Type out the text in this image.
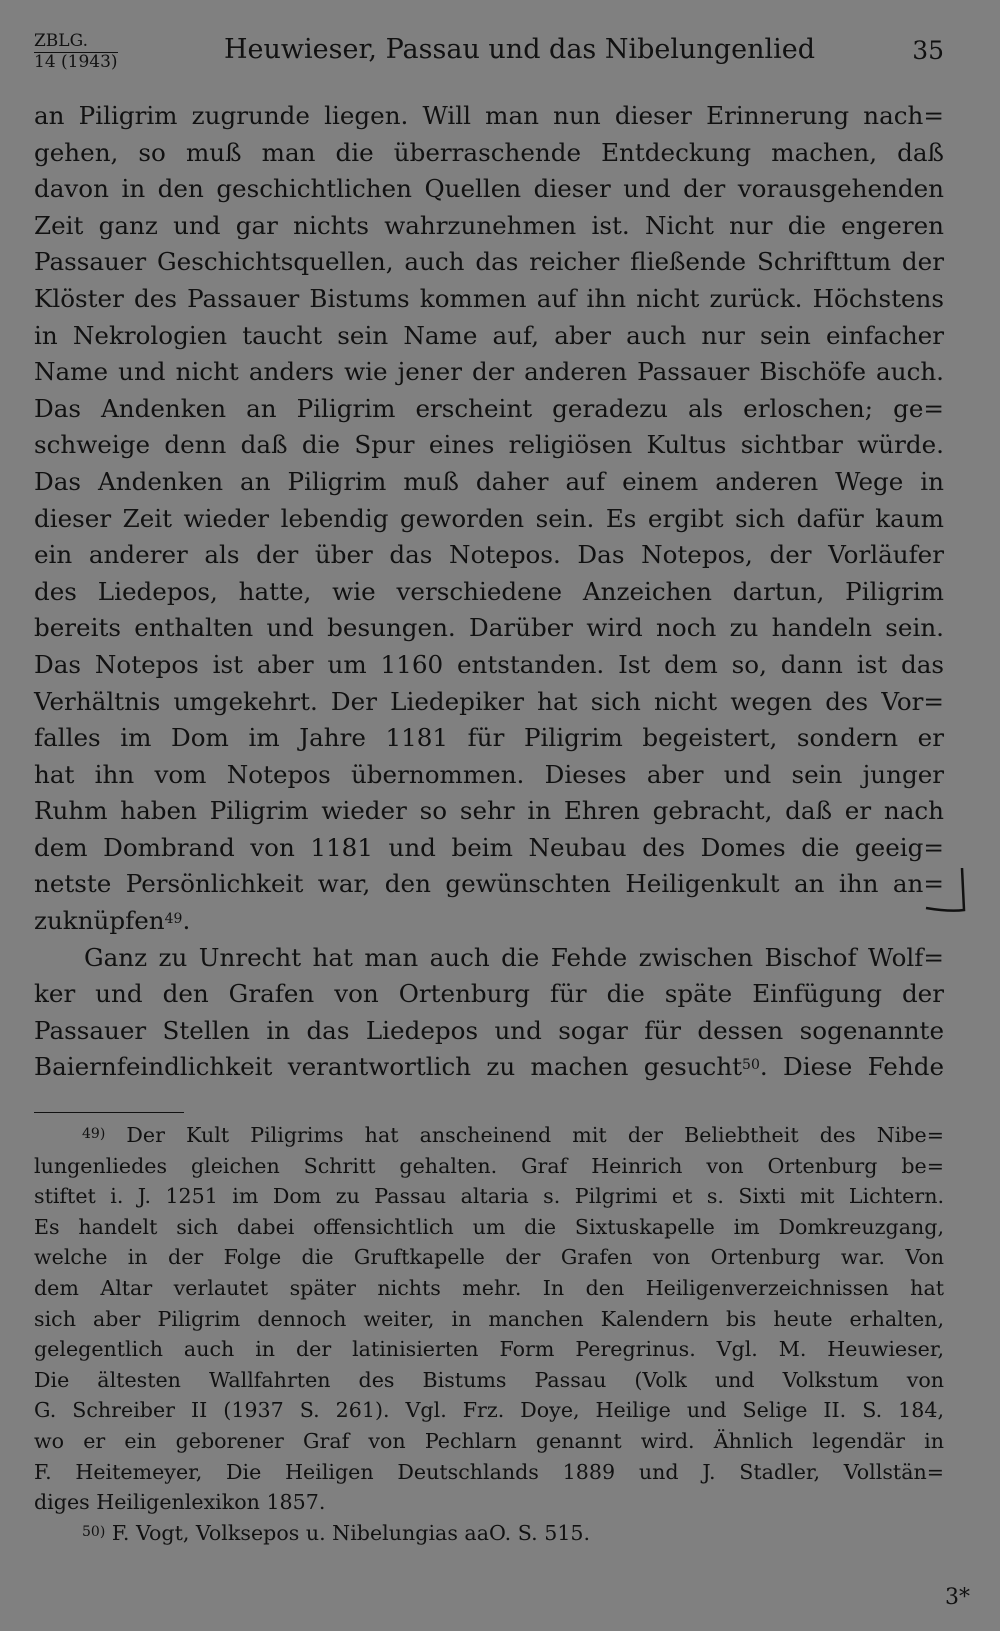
ZBLG.
14 (1943)	Heuwieser, Passau und das Nibelungenlied	35

an Piligrim zugrunde liegen. Will man nun dieser Erinnerung nach=
gehen, so muß man die überraschende Entdeckung machen, daß
davon in den geschichtlichen Quellen dieser und der vorausgehenden
Zeit ganz und gar nichts wahrzunehmen ist. Nicht nur die engeren
Passauer Geschichtsquellen, auch das reicher fließende Schrifttum der
Klöster des Passauer Bistums kommen auf ihn nicht zurück. Höchstens
in Nekrologien taucht sein Name auf, aber auch nur sein einfacher
Name und nicht anders wie jener der anderen Passauer Bischöfe auch.
Das Andenken an Piligrim erscheint geradezu als erloschen; ge=
schweige denn daß die Spur eines religiösen Kultus sichtbar würde.
Das Andenken an Piligrim muß daher auf einem anderen Wege in
dieser Zeit wieder lebendig geworden sein. Es ergibt sich dafür kaum
ein anderer als der über das Notepos. Das Notepos, der Vorläufer
des Liedepos, hatte, wie verschiedene Anzeichen dartun, Piligrim
bereits enthalten und besungen. Darüber wird noch zu handeln sein.
Das Notepos ist aber um 1160 entstanden. Ist dem so, dann ist das
Verhältnis umgekehrt. Der Liedepiker hat sich nicht wegen des Vor=
falles im Dom im Jahre 1181 für Piligrim begeistert, sondern er
hat ihn vom Notepos übernommen. Dieses aber und sein junger
Ruhm haben Piligrim wieder so sehr in Ehren gebracht, daß er nach
dem Dombrand von 1181 und beim Neubau des Domes die geeig=
netste Persönlichkeit war, den gewünschten Heiligenkult an ihn an=
zuknüpfen$^{49}$.

Ganz zu Unrecht hat man auch die Fehde zwischen Bischof Wolf=
ker und den Grafen von Ortenburg für die späte Einfügung der
Passauer Stellen in das Liedepos und sogar für dessen sogenannte
Baiernfeindlichkeit verantwortlich zu machen gesucht$^{50}$. Diese Fehde

$^{49)}$ Der Kult Piligrims hat anscheinend mit der Beliebtheit des Nibe=
lungenliedes gleichen Schritt gehalten. Graf Heinrich von Ortenburg be=
stiftet i. J. 1251 im Dom zu Passau altaria s. Pilgrimi et s. Sixti mit Lichtern.
Es handelt sich dabei offensichtlich um die Sixtuskapelle im Domkreuzgang,
welche in der Folge die Gruftkapelle der Grafen von Ortenburg war. Von
dem Altar verlautet später nichts mehr. In den Heiligenverzeichnissen hat
sich aber Piligrim dennoch weiter, in manchen Kalendern bis heute erhalten,
gelegentlich auch in der latinisierten Form Peregrinus. Vgl. M. Heuwieser,
Die ältesten Wallfahrten des Bistums Passau (Volk und Volkstum von
G. Schreiber II (1937 S. 261). Vgl. Frz. Doye, Heilige und Selige II. S. 184,
wo er ein geborener Graf von Pechlarn genannt wird. Ähnlich legendär in
F. Heitemeyer, Die Heiligen Deutschlands 1889 und J. Stadler, Vollstän=
diges Heiligenlexikon 1857.
$^{50)}$ F. Vogt, Volksepos u. Nibelungias aaO. S. 515.
3*
